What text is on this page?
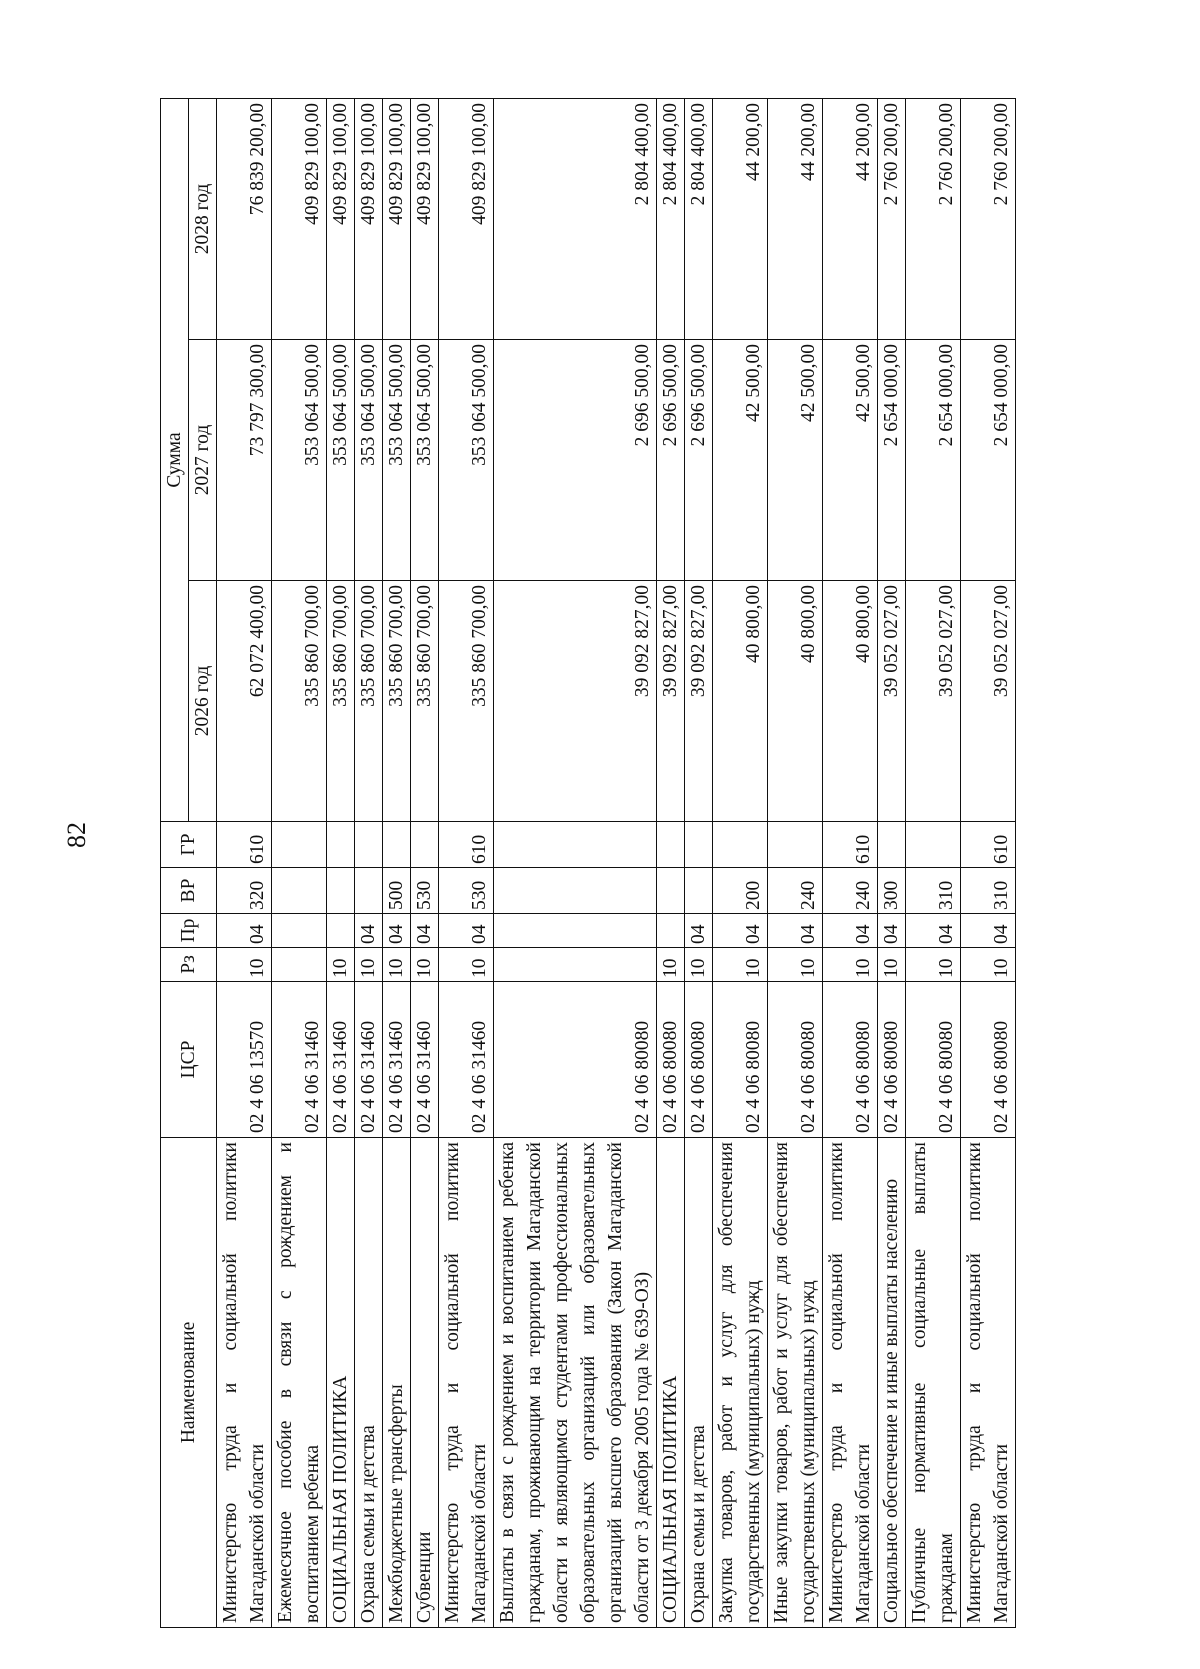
82
Наименование	ЦСР	Рз	Пр	ВР	ГР	Сумма		
						2026 год	2027 год	2028 год
Министерство труда и социальной политики Магаданской области	02 4 06 13570	10	04	320	610	62 072 400,00	73 797 300,00	76 839 200,00
Ежемесячное пособие в связи с рождением и воспитанием ребенка	02 4 06 31460					335 860 700,00	353 064 500,00	409 829 100,00
СОЦИАЛЬНАЯ ПОЛИТИКА	02 4 06 31460	10				335 860 700,00	353 064 500,00	409 829 100,00
Охрана семьи и детства	02 4 06 31460	10	04			335 860 700,00	353 064 500,00	409 829 100,00
Межбюджетные трансферты	02 4 06 31460	10	04	500		335 860 700,00	353 064 500,00	409 829 100,00
Субвенции	02 4 06 31460	10	04	530		335 860 700,00	353 064 500,00	409 829 100,00
Министерство труда и социальной политики Магаданской области	02 4 06 31460	10	04	530	610	335 860 700,00	353 064 500,00	409 829 100,00
Выплаты в связи с рождением и воспитанием ребенка гражданам, проживающим на территории Магаданской области и являющимся студентами профессиональных образовательных организаций или образовательных организаций высшего образования (Закон Магаданской области от 3 декабря 2005 года № 639-ОЗ)	02 4 06 80080					39 092 827,00	2 696 500,00	2 804 400,00
СОЦИАЛЬНАЯ ПОЛИТИКА	02 4 06 80080	10				39 092 827,00	2 696 500,00	2 804 400,00
Охрана семьи и детства	02 4 06 80080	10	04			39 092 827,00	2 696 500,00	2 804 400,00
Закупка товаров, работ и услуг для обеспечения государственных (муниципальных) нужд	02 4 06 80080	10	04	200		40 800,00	42 500,00	44 200,00
Иные закупки товаров, работ и услуг для обеспечения государственных (муниципальных) нужд	02 4 06 80080	10	04	240		40 800,00	42 500,00	44 200,00
Министерство труда и социальной политики Магаданской области	02 4 06 80080	10	04	240	610	40 800,00	42 500,00	44 200,00
Социальное обеспечение и иные выплаты населению	02 4 06 80080	10	04	300		39 052 027,00	2 654 000,00	2 760 200,00
Публичные нормативные социальные выплаты гражданам	02 4 06 80080	10	04	310		39 052 027,00	2 654 000,00	2 760 200,00
Министерство труда и социальной политики Магаданской области	02 4 06 80080	10	04	310	610	39 052 027,00	2 654 000,00	2 760 200,00
